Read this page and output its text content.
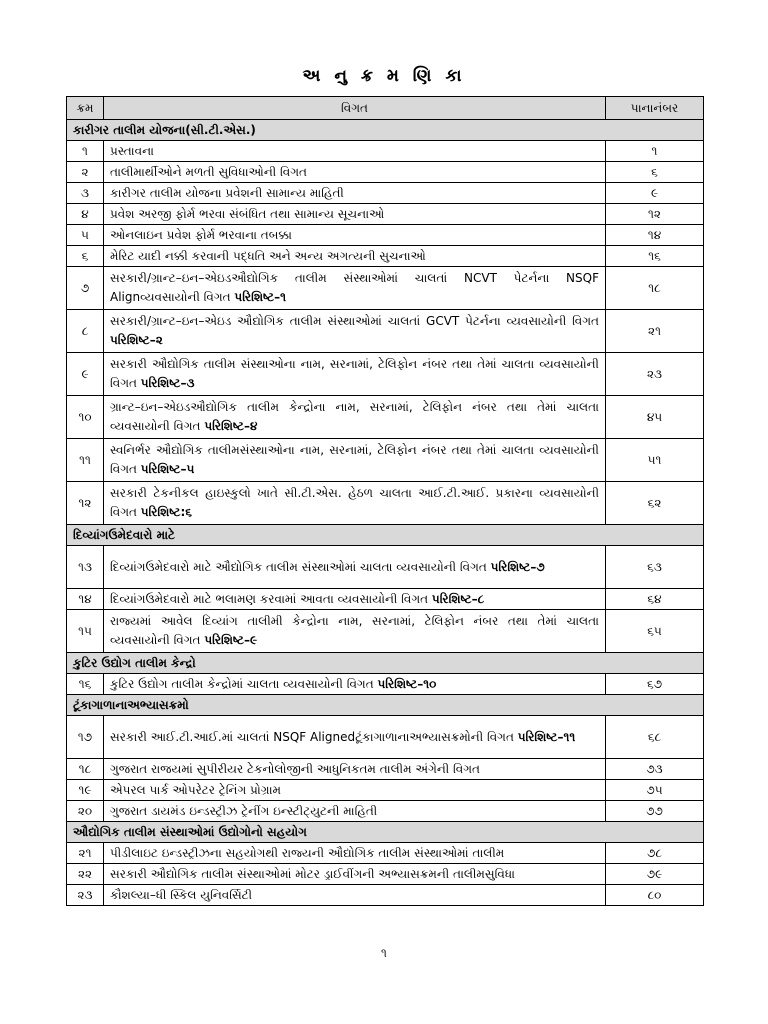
અ નુ ક્ર મ ણિ કા
ક્રમ	વિગત	પાનાનંબર
કારીગર તાલીમ યોજના(સી.ટી.એસ.)		
૧	પ્રસ્તાવના	૧
૨	તાલીમાર્થીઓને મળતી સુવિધાઓની વિગત	૬
૩	કારીગર તાલીમ યોજના પ્રવેશની સામાન્ય માહિતી	૯
૪	પ્રવેશ અરજી ફોર્મ ભરવા સંબંધિત તથા સામાન્ય સૂચનાઓ	૧૨
૫	ઓનલાઇન પ્રવેશ ફોર્મ ભરવાના તબક્કા	૧૪
૬	મેરિટ યાદી નક્કી કરવાની પદ્ધતિ અને અન્ય અગત્યની સુચનાઓ	૧૬
૭	સરકારી/ગ્રાન્ટ–ઇન–એઇડઔદ્યોગિક તાલીમ સંસ્થાઓમાં ચાલતાં NCVT પેટર્નના NSQF Alignવ્યવસાયોની વિગત પરિશિષ્ટ–૧	૧૮
૮	સરકારી/ગ્રાન્ટ–ઇન–એઇડ ઔદ્યોગિક તાલીમ સંસ્થાઓમાં ચાલતાં GCVT પેટર્નના વ્યવસાયોની વિગત પરિશિષ્ટ–૨	૨૧
૯	સરકારી ઔદ્યોગિક તાલીમ સંસ્થાઓના નામ, સરનામાં, ટેલિફોન નંબર તથા તેમાં ચાલતા વ્યવસાયોની વિગત પરિશિષ્ટ–૩	૨૩
૧૦	ગ્રાન્ટ–ઇન–એઇડઔદ્યોગિક તાલીમ કેન્દ્રોના નામ, સરનામાં, ટેલિફોન નંબર તથા તેમાં ચાલતા વ્યવસાયોની વિગત પરિશિષ્ટ–૪	૪૫
૧૧	સ્વનિર્ભર ઔદ્યોગિક તાલીમસંસ્થાઓના નામ, સરનામાં, ટેલિફોન નંબર તથા તેમાં ચાલતા વ્યવસાયોની વિગત પરિશિષ્ટ–૫	૫૧
૧૨	સરકારી ટેકનીકલ હાઇસ્કુલો ખાતે સી.ટી.એસ. હેઠળ ચાલતા આઈ.ટી.આઈ. પ્રકારના વ્યવસાયોની વિગત પરિશિષ્ટ:૬	૬૨
દિવ્યાંગઉમેદવારો માટે		
૧૩	દિવ્યાંગઉમેદવારો માટે ઔદ્યોગિક તાલીમ સંસ્થાઓમાં ચાલતા વ્યવસાયોની વિગત પરિશિષ્ટ–૭	૬૩
૧૪	દિવ્યાંગઉમેદવારો માટે ભલામણ કરવામાં આવતા વ્યવસાયોની વિગત પરિશિષ્ટ–૮	૬૪
૧૫	રાજ્યમાં આવેલ દિવ્યાંગ તાલીમી કેન્દ્રોના નામ, સરનામાં, ટેલિફોન નંબર તથા તેમાં ચાલતા વ્યવસાયોની વિગત પરિશિષ્ટ–૯	૬૫
કુટિર ઉદ્યોગ તાલીમ કેન્દ્રો		
૧૬	કુટિર ઉદ્યોગ તાલીમ કેન્દ્રોમાં ચાલતા વ્યવસાયોની વિગત પરિશિષ્ટ–૧૦	૬૭
ટૂંકાગાળાનાઅભ્યાસક્રમો		
૧૭	સરકારી આઈ.ટી.આઈ.માં ચાલતાં NSQF Alignedટૂંકાગાળાનાઅભ્યાસક્રમોની વિગત પરિશિષ્ટ–૧૧	૬૮
૧૮	ગુજરાત રાજયમાં સુપીરીયર ટેકનોલોજીની આધુનિકતમ તાલીમ અંગેની વિગત	૭૩
૧૯	એપરલ પાર્ક ઓપરેટર ટ્રેનિંગ પ્રોગ્રામ	૭૫
૨૦	ગુજરાત ડાયમંડ ઇન્ડસ્ટ્રીઝ ટ્રેનીંગ ઇન્સ્ટીટ્યુટની માહિતી	૭૭
ઔદ્યોગિક તાલીમ સંસ્થાઓમાં ઉદ્યોગોનો સહયોગ		
૨૧	પીડીલાઇટ ઇન્ડસ્ટ્રીઝના સહયોગથી રાજ્યની ઔદ્યોગિક તાલીમ સંસ્થાઓમાં તાલીમ	૭૮
૨૨	સરકારી ઔદ્યોગિક તાલીમ સંસ્થાઓમાં મોટર ડ્રાઈવીંગની અભ્યાસક્રમની તાલીમસુવિધા	૭૯
૨૩	કૌશલ્યા–ધી સ્કિલ યુનિવર્સિટી	૮૦
૧
